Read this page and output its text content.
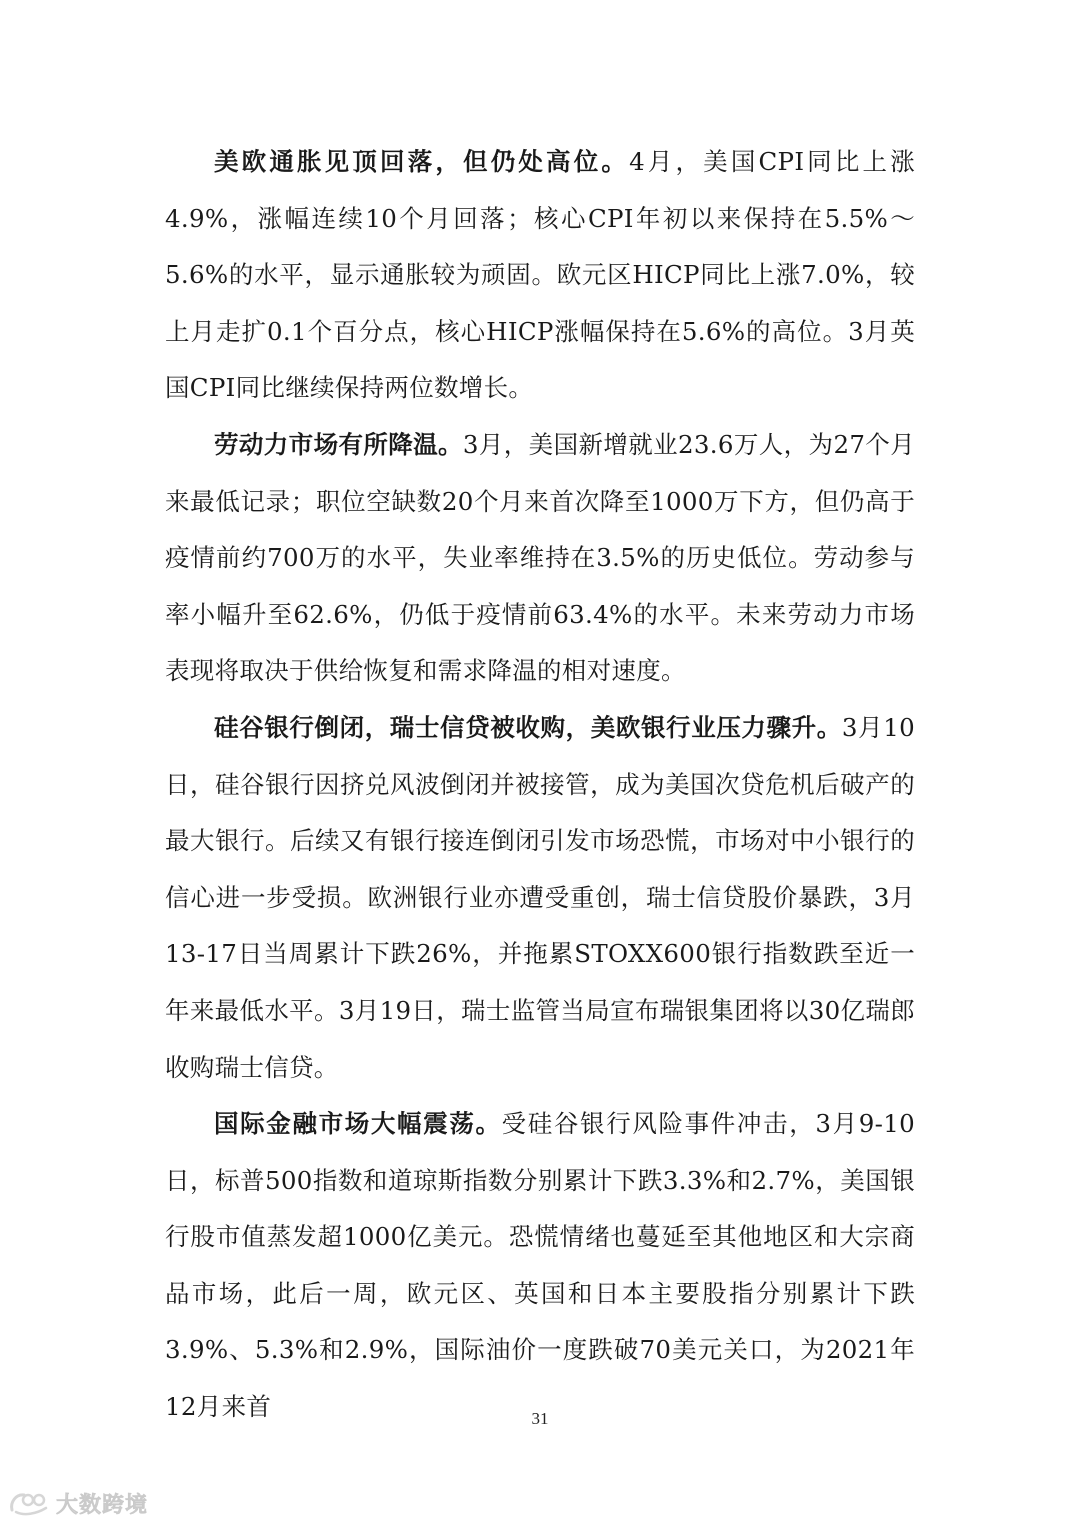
美欧通胀见顶回落，但仍处高位。4月，美国CPI同比上涨4.9%，涨幅连续10个月回落；核心CPI年初以来保持在5.5%～5.6%的水平，显示通胀较为顽固。欧元区HICP同比上涨7.0%，较上月走扩0.1个百分点，核心HICP涨幅保持在5.6%的高位。3月英国CPI同比继续保持两位数增长。

劳动力市场有所降温。3月，美国新增就业23.6万人，为27个月来最低记录；职位空缺数20个月来首次降至1000万下方，但仍高于疫情前约700万的水平，失业率维持在3.5%的历史低位。劳动参与率小幅升至62.6%，仍低于疫情前63.4%的水平。未来劳动力市场表现将取决于供给恢复和需求降温的相对速度。

硅谷银行倒闭，瑞士信贷被收购，美欧银行业压力骤升。3月10日，硅谷银行因挤兑风波倒闭并被接管，成为美国次贷危机后破产的最大银行。后续又有银行接连倒闭引发市场恐慌，市场对中小银行的信心进一步受损。欧洲银行业亦遭受重创，瑞士信贷股价暴跌，3月13-17日当周累计下跌26%，并拖累STOXX600银行指数跌至近一年来最低水平。3月19日，瑞士监管当局宣布瑞银集团将以30亿瑞郎收购瑞士信贷。

国际金融市场大幅震荡。受硅谷银行风险事件冲击，3月9-10日，标普500指数和道琼斯指数分别累计下跌3.3%和2.7%，美国银行股市值蒸发超1000亿美元。恐慌情绪也蔓延至其他地区和大宗商品市场，此后一周，欧元区、英国和日本主要股指分别累计下跌3.9%、5.3%和2.9%，国际油价一度跌破70美元关口，为2021年12月来首	31
大数跨境
